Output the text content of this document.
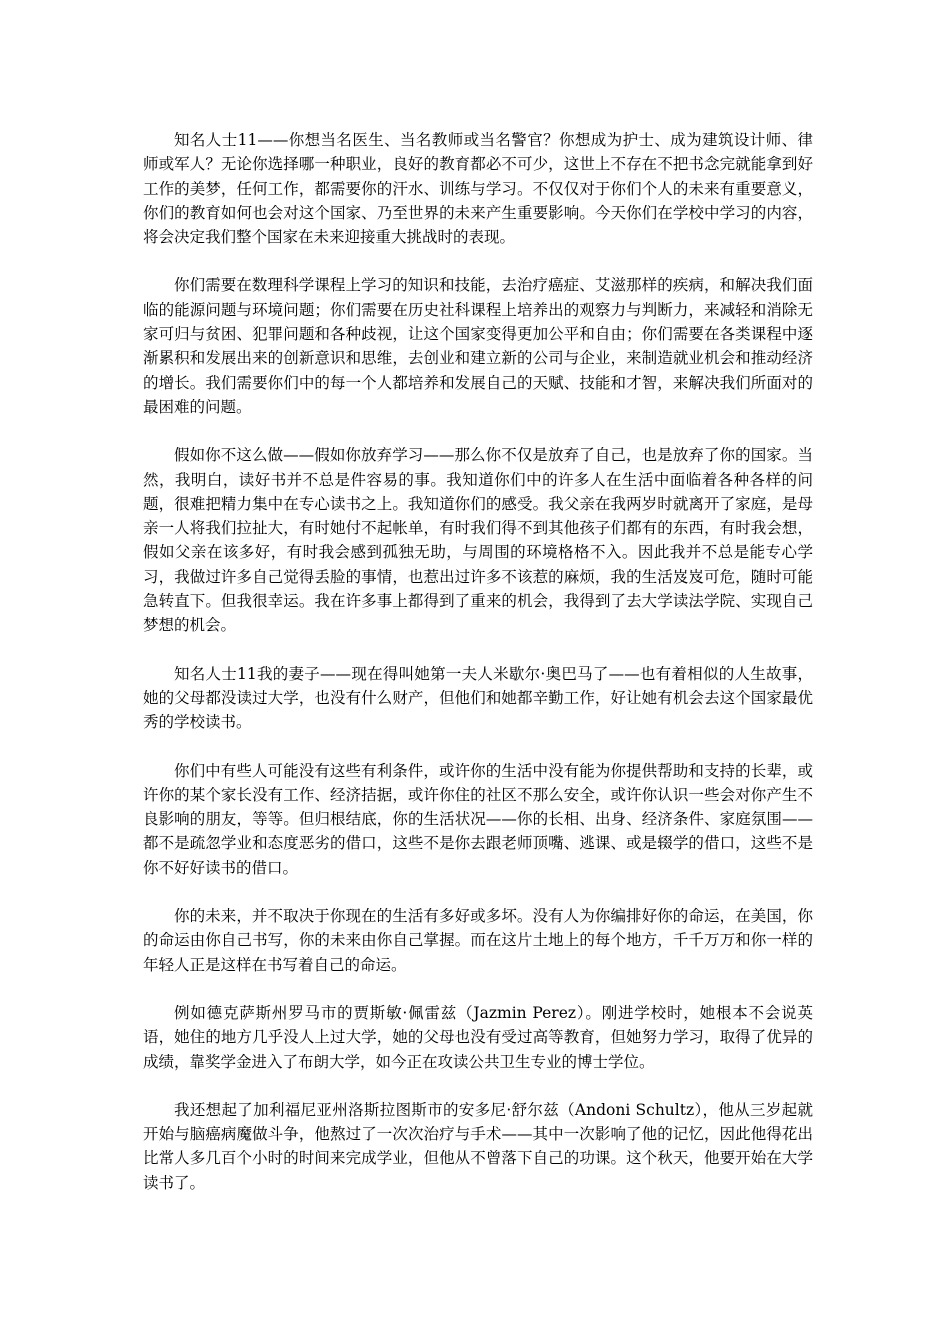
知名人士11——你想当名医生、当名教师或当名警官？你想成为护士、成为建筑设计师、律师或军人？无论你选择哪一种职业，良好的教育都必不可少，这世上不存在不把书念完就能拿到好工作的美梦，任何工作，都需要你的汗水、训练与学习。不仅仅对于你们个人的未来有重要意义，你们的教育如何也会对这个国家、乃至世界的未来产生重要影响。今天你们在学校中学习的内容，将会决定我们整个国家在未来迎接重大挑战时的表现。

你们需要在数理科学课程上学习的知识和技能，去治疗癌症、艾滋那样的疾病，和解决我们面临的能源问题与环境问题；你们需要在历史社科课程上培养出的观察力与判断力，来减轻和消除无家可归与贫困、犯罪问题和各种歧视，让这个国家变得更加公平和自由；你们需要在各类课程中逐渐累积和发展出来的创新意识和思维，去创业和建立新的公司与企业，来制造就业机会和推动经济的增长。我们需要你们中的每一个人都培养和发展自己的天赋、技能和才智，来解决我们所面对的最困难的问题。

假如你不这么做——假如你放弃学习——那么你不仅是放弃了自己，也是放弃了你的国家。当然，我明白，读好书并不总是件容易的事。我知道你们中的许多人在生活中面临着各种各样的问题，很难把精力集中在专心读书之上。我知道你们的感受。我父亲在我两岁时就离开了家庭，是母亲一人将我们拉扯大，有时她付不起帐单，有时我们得不到其他孩子们都有的东西，有时我会想，假如父亲在该多好，有时我会感到孤独无助，与周围的环境格格不入。因此我并不总是能专心学习，我做过许多自己觉得丢脸的事情，也惹出过许多不该惹的麻烦，我的生活岌岌可危，随时可能急转直下。但我很幸运。我在许多事上都得到了重来的机会，我得到了去大学读法学院、实现自己梦想的机会。

知名人士11我的妻子——现在得叫她第一夫人米歇尔·奥巴马了——也有着相似的人生故事，她的父母都没读过大学，也没有什么财产，但他们和她都辛勤工作，好让她有机会去这个国家最优秀的学校读书。

你们中有些人可能没有这些有利条件，或许你的生活中没有能为你提供帮助和支持的长辈，或许你的某个家长没有工作、经济拮据，或许你住的社区不那么安全，或许你认识一些会对你产生不良影响的朋友，等等。但归根结底，你的生活状况——你的长相、出身、经济条件、家庭氛围——都不是疏忽学业和态度恶劣的借口，这些不是你去跟老师顶嘴、逃课、或是辍学的借口，这些不是你不好好读书的借口。

你的未来，并不取决于你现在的生活有多好或多坏。没有人为你编排好你的命运，在美国，你的命运由你自己书写，你的未来由你自己掌握。而在这片土地上的每个地方，千千万万和你一样的年轻人正是这样在书写着自己的命运。

例如德克萨斯州罗马市的贾斯敏·佩雷兹（Jazmin Perez）。刚进学校时，她根本不会说英语，她住的地方几乎没人上过大学，她的父母也没有受过高等教育，但她努力学习，取得了优异的成绩，靠奖学金进入了布朗大学，如今正在攻读公共卫生专业的博士学位。

我还想起了加利福尼亚州洛斯拉图斯市的安多尼·舒尔兹（Andoni Schultz），他从三岁起就开始与脑癌病魔做斗争，他熬过了一次次治疗与手术——其中一次影响了他的记忆，因此他得花出比常人多几百个小时的时间来完成学业，但他从不曾落下自己的功课。这个秋天，他要开始在大学读书了。
